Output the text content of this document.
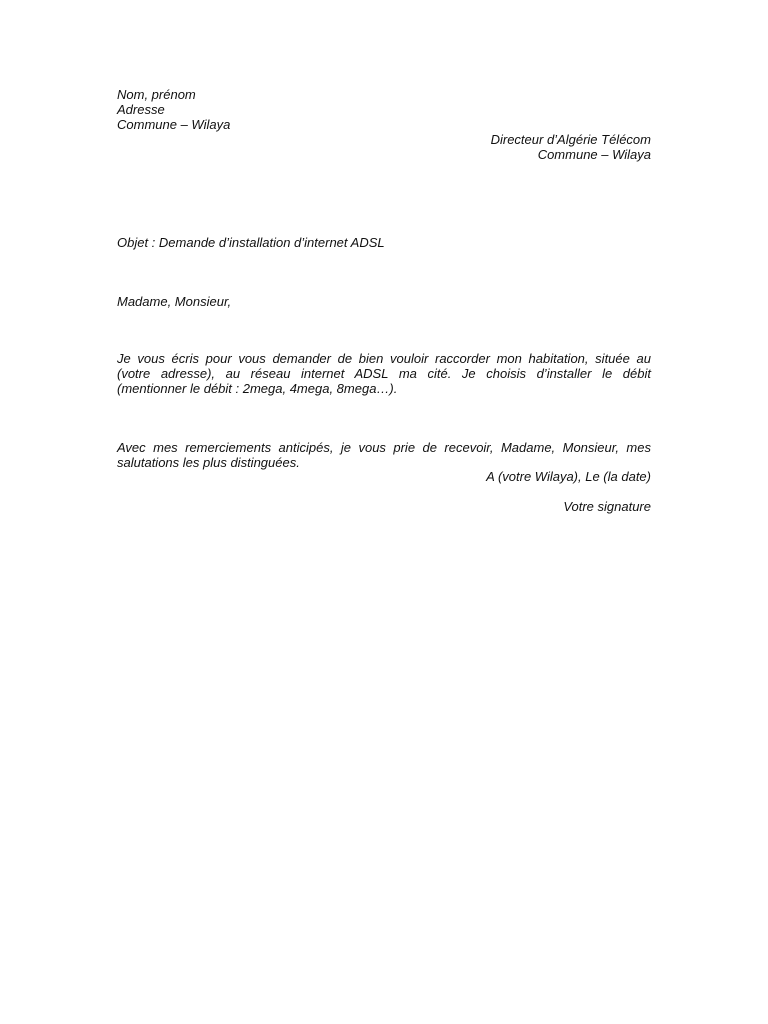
Nom, prénom
Adresse
Commune – Wilaya
Directeur d’Algérie Télécom
Commune – Wilaya
Objet : Demande d’installation d’internet ADSL
Madame, Monsieur,
Je vous écris pour vous demander de bien vouloir raccorder mon habitation, située au
(votre adresse), au réseau internet ADSL ma cité. Je choisis d’installer le débit
(mentionner le débit : 2mega, 4mega, 8mega…).
Avec mes remerciements anticipés, je vous prie de recevoir, Madame, Monsieur, mes
salutations les plus distinguées.
A (votre Wilaya), Le (la date)
Votre signature
